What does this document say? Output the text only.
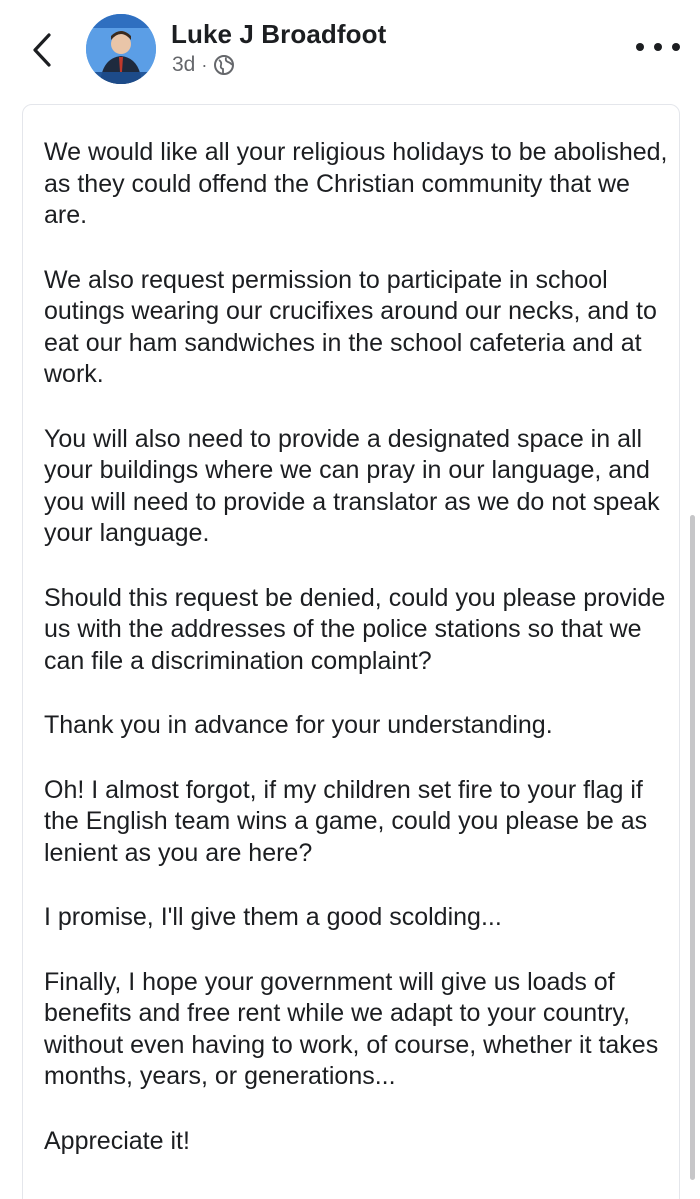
Luke J Broadfoot
3d ·

We would like all your religious holidays to be abolished, as they could offend the Christian community that we are.

We also request permission to participate in school outings wearing our crucifixes around our necks, and to eat our ham sandwiches in the school cafeteria and at work.

You will also need to provide a designated space in all your buildings where we can pray in our language, and you will need to provide a translator as we do not speak your language.

Should this request be denied, could you please provide us with the addresses of the police stations so that we can file a discrimination complaint?

Thank you in advance for your understanding.

Oh! I almost forgot, if my children set fire to your flag if the English team wins a game, could you please be as lenient as you are here?

I promise, I'll give them a good scolding...

Finally, I hope your government will give us loads of benefits and free rent while we adapt to your country, without even having to work, of course, whether it takes months, years, or generations...

Appreciate it!
